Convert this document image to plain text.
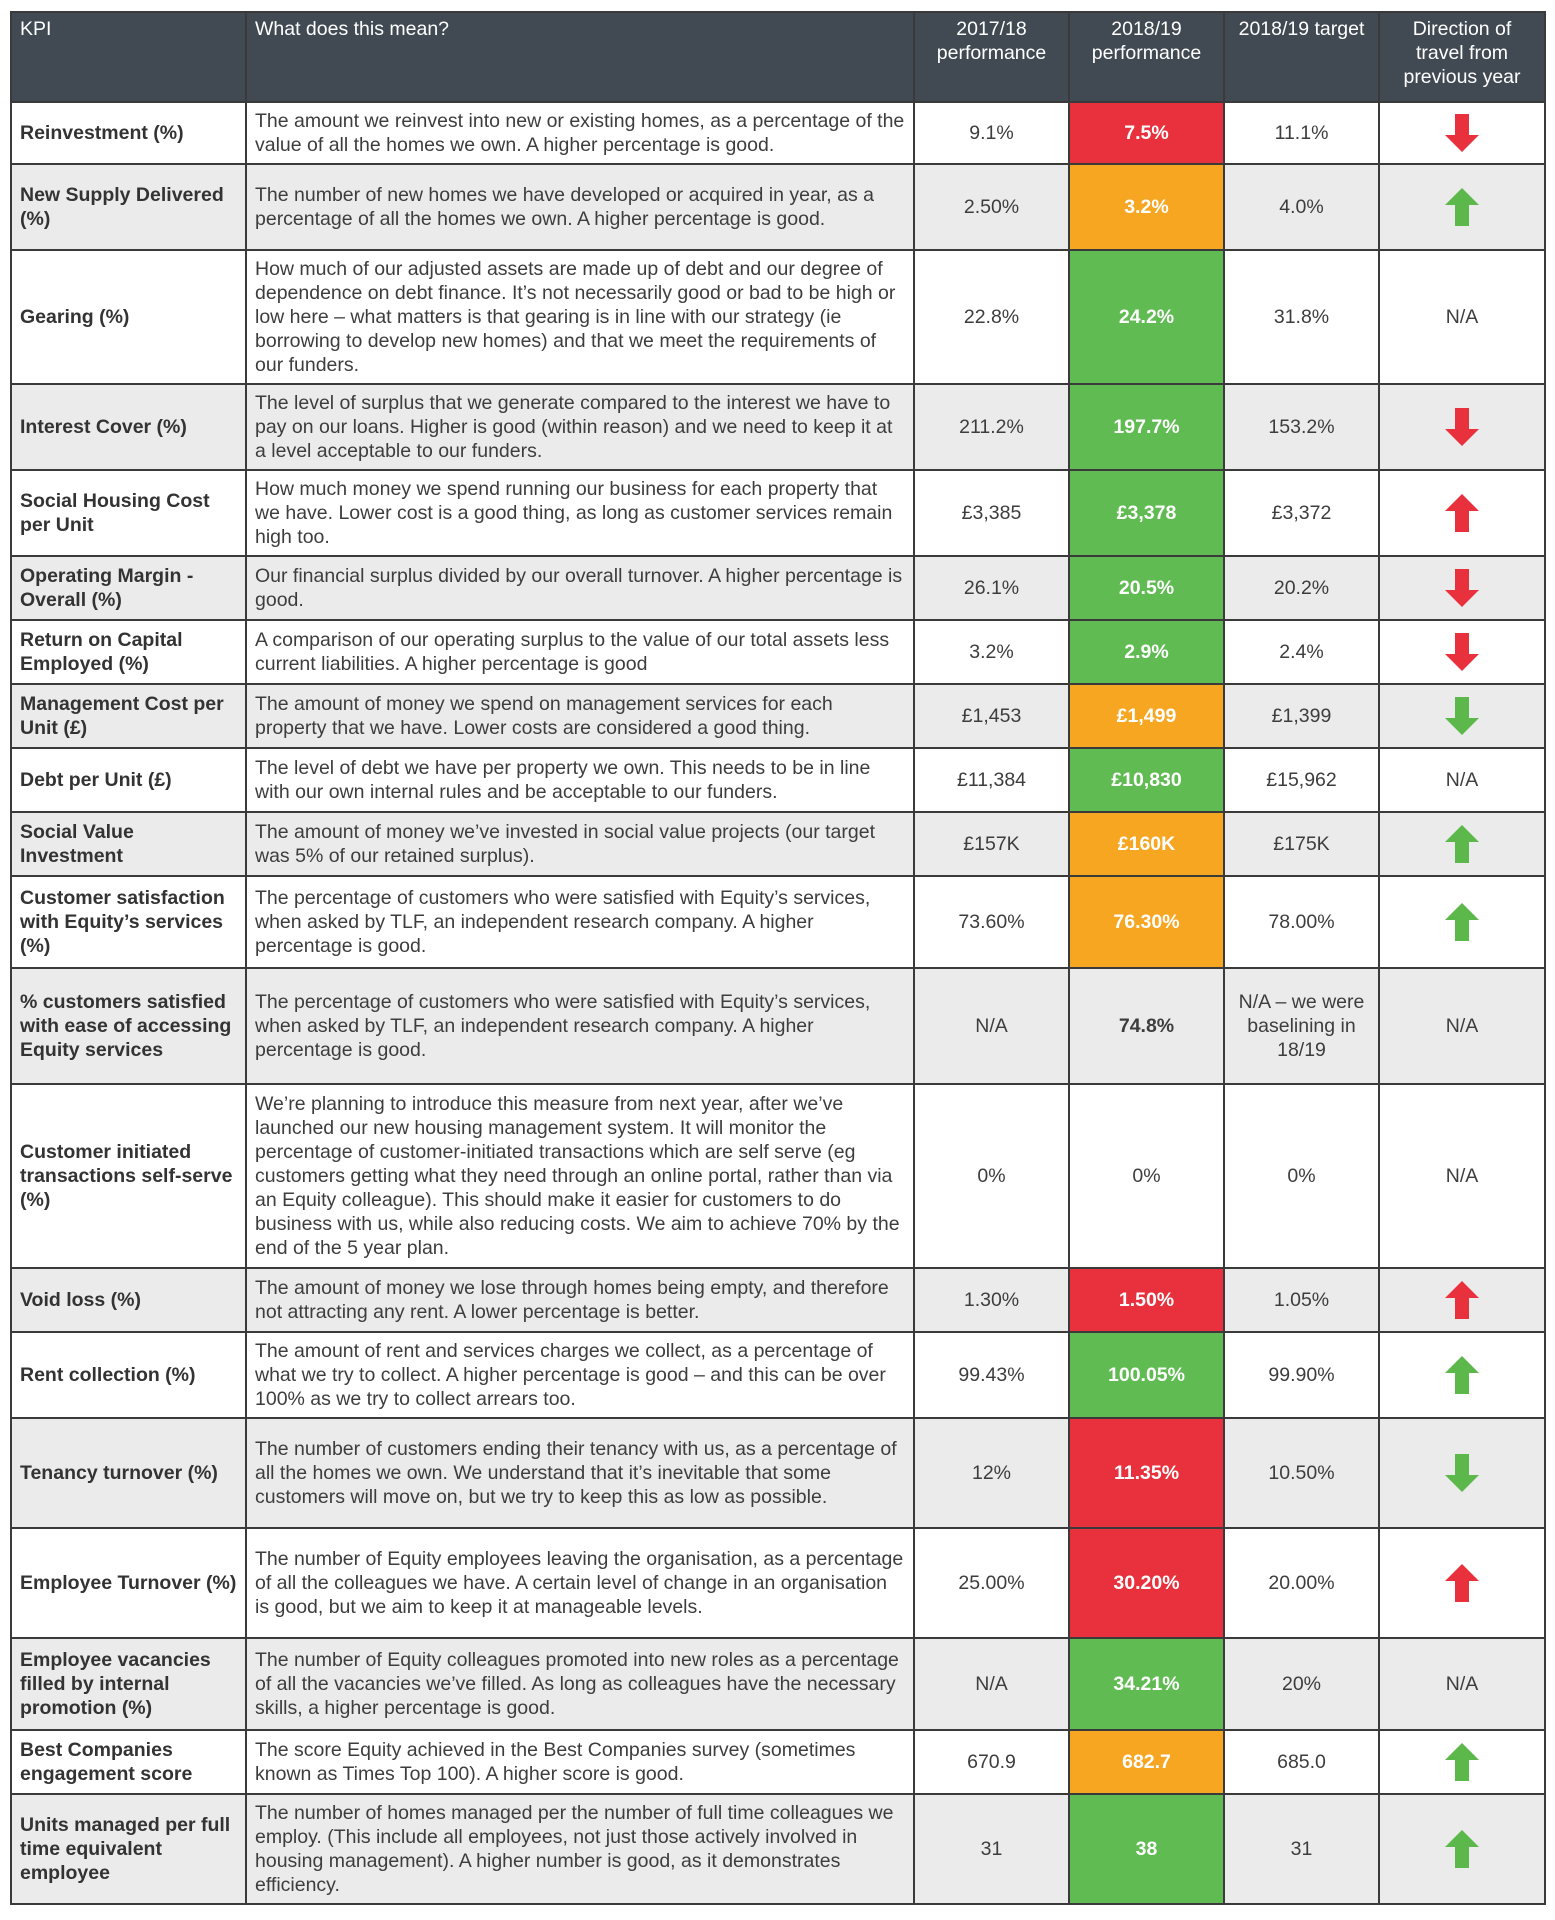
KPI	What does this mean?	2017/18 performance	2018/19 performance	2018/19 target	Direction of travel from previous year
Reinvestment (%)	The amount we reinvest into new or existing homes, as a percentage of the value of all the homes we own. A higher percentage is good.	9.1%	7.5%	11.1%	
New Supply Delivered (%)	The number of new homes we have developed or acquired in year, as a percentage of all the homes we own. A higher percentage is good.	2.50%	3.2%	4.0%	
Gearing (%)	How much of our adjusted assets are made up of debt and our degree of dependence on debt finance. It’s not necessarily good or bad to be high or low here – what matters is that gearing is in line with our strategy (ie borrowing to develop new homes) and that we meet the requirements of our funders.	22.8%	24.2%	31.8%	N/A
Interest Cover (%)	The level of surplus that we generate compared to the interest we have to pay on our loans. Higher is good (within reason) and we need to keep it at a level acceptable to our funders.	211.2%	197.7%	153.2%	
Social Housing Cost per Unit	How much money we spend running our business for each property that we have. Lower cost is a good thing, as long as customer services remain high too.	£3,385	£3,378	£3,372	
Operating Margin - Overall (%)	Our financial surplus divided by our overall turnover. A higher percentage is good.	26.1%	20.5%	20.2%	
Return on Capital Employed (%)	A comparison of our operating surplus to the value of our total assets less current liabilities. A higher percentage is good	3.2%	2.9%	2.4%	
Management Cost per Unit (£)	The amount of money we spend on management services for each property that we have. Lower costs are considered a good thing.	£1,453	£1,499	£1,399	
Debt per Unit (£)	The level of debt we have per property we own. This needs to be in line with our own internal rules and be acceptable to our funders.	£11,384	£10,830	£15,962	N/A
Social Value Investment	The amount of money we’ve invested in social value projects (our target was 5% of our retained surplus).	£157K	£160K	£175K	
Customer satisfaction with Equity’s services (%)	The percentage of customers who were satisfied with Equity’s services, when asked by TLF, an independent research company. A higher percentage is good.	73.60%	76.30%	78.00%	
% customers satisfied with ease of accessing Equity services	The percentage of customers who were satisfied with Equity’s services, when asked by TLF, an independent research company. A higher percentage is good.	N/A	74.8%	N/A – we were baselining in 18/19	N/A
Customer initiated transactions self-serve (%)	We’re planning to introduce this measure from next year, after we’ve launched our new housing management system. It will monitor the percentage of customer-initiated transactions which are self serve (eg customers getting what they need through an online portal, rather than via an Equity colleague). This should make it easier for customers to do business with us, while also reducing costs. We aim to achieve 70% by the end of the 5 year plan.	0%	0%	0%	N/A
Void loss (%)	The amount of money we lose through homes being empty, and therefore not attracting any rent. A lower percentage is better.	1.30%	1.50%	1.05%	
Rent collection (%)	The amount of rent and services charges we collect, as a percentage of what we try to collect. A higher percentage is good – and this can be over 100% as we try to collect arrears too.	99.43%	100.05%	99.90%	
Tenancy turnover (%)	The number of customers ending their tenancy with us, as a percentage of all the homes we own. We understand that it’s inevitable that some customers will move on, but we try to keep this as low as possible.	12%	11.35%	10.50%	
Employee Turnover (%)	The number of Equity employees leaving the organisation, as a percentage of all the colleagues we have. A certain level of change in an organisation is good, but we aim to keep it at manageable levels.	25.00%	30.20%	20.00%	
Employee vacancies filled by internal promotion (%)	The number of Equity colleagues promoted into new roles as a percentage of all the vacancies we’ve filled. As long as colleagues have the necessary skills, a higher percentage is good.	N/A	34.21%	20%	N/A
Best Companies engagement score	The score Equity achieved in the Best Companies survey (sometimes known as Times Top 100). A higher score is good.	670.9	682.7	685.0	
Units managed per full time equivalent employee	The number of homes managed per the number of full time colleagues we employ. (This include all employees, not just those actively involved in housing management). A higher number is good, as it demonstrates efficiency.	31	38	31	
